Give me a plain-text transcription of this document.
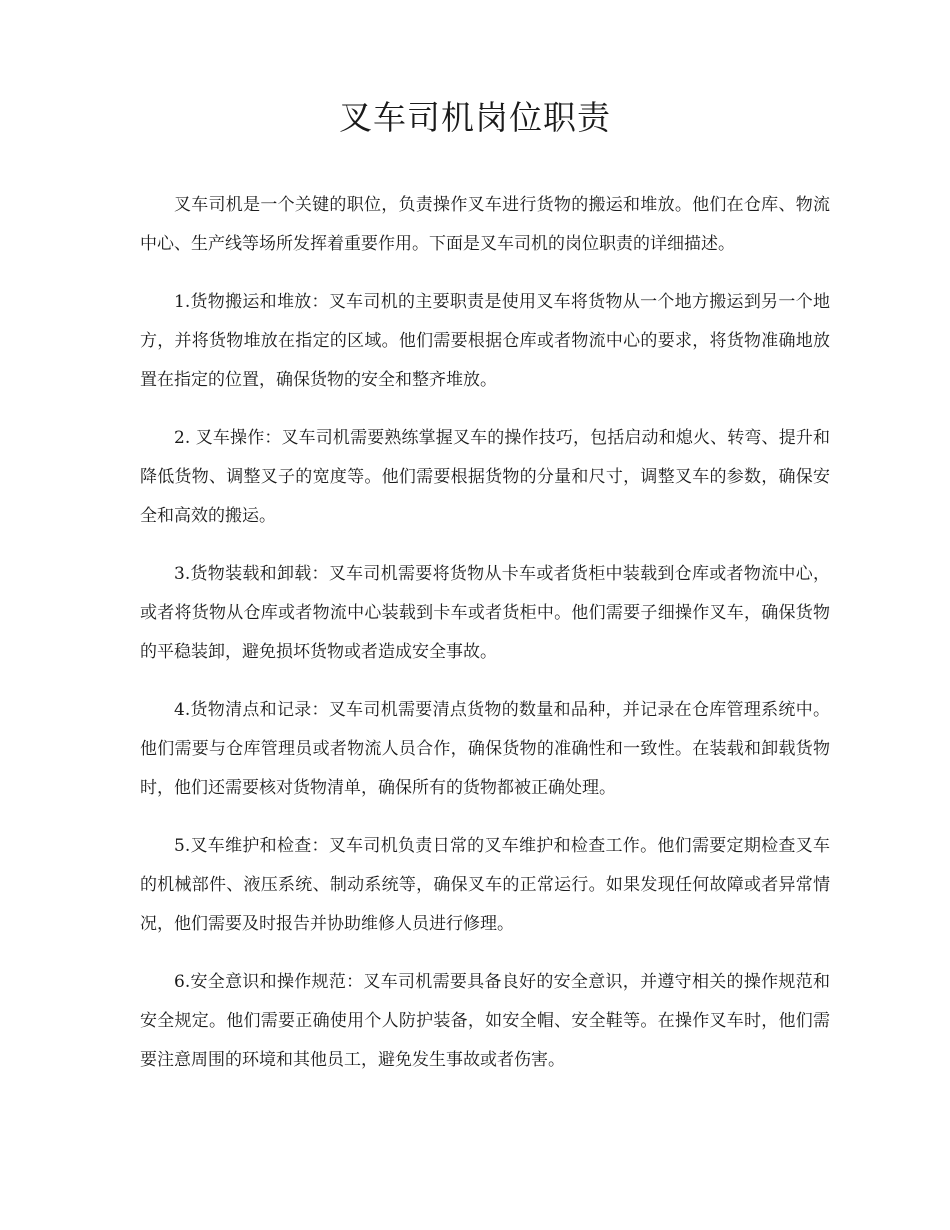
叉车司机岗位职责

叉车司机是一个关键的职位，负责操作叉车进行货物的搬运和堆放。他们在仓库、物流中心、生产线等场所发挥着重要作用。下面是叉车司机的岗位职责的详细描述。

1.货物搬运和堆放：叉车司机的主要职责是使用叉车将货物从一个地方搬运到另一个地方，并将货物堆放在指定的区域。他们需要根据仓库或者物流中心的要求，将货物准确地放置在指定的位置，确保货物的安全和整齐堆放。

2. 叉车操作：叉车司机需要熟练掌握叉车的操作技巧，包括启动和熄火、转弯、提升和降低货物、调整叉子的宽度等。他们需要根据货物的分量和尺寸，调整叉车的参数，确保安全和高效的搬运。

3.货物装载和卸载：叉车司机需要将货物从卡车或者货柜中装载到仓库或者物流中心，或者将货物从仓库或者物流中心装载到卡车或者货柜中。他们需要子细操作叉车，确保货物的平稳装卸，避免损坏货物或者造成安全事故。

4.货物清点和记录：叉车司机需要清点货物的数量和品种，并记录在仓库管理系统中。他们需要与仓库管理员或者物流人员合作，确保货物的准确性和一致性。在装载和卸载货物时，他们还需要核对货物清单，确保所有的货物都被正确处理。

5.叉车维护和检查：叉车司机负责日常的叉车维护和检查工作。他们需要定期检查叉车的机械部件、液压系统、制动系统等，确保叉车的正常运行。如果发现任何故障或者异常情况，他们需要及时报告并协助维修人员进行修理。

6.安全意识和操作规范：叉车司机需要具备良好的安全意识，并遵守相关的操作规范和安全规定。他们需要正确使用个人防护装备，如安全帽、安全鞋等。在操作叉车时，他们需要注意周围的环境和其他员工，避免发生事故或者伤害。
